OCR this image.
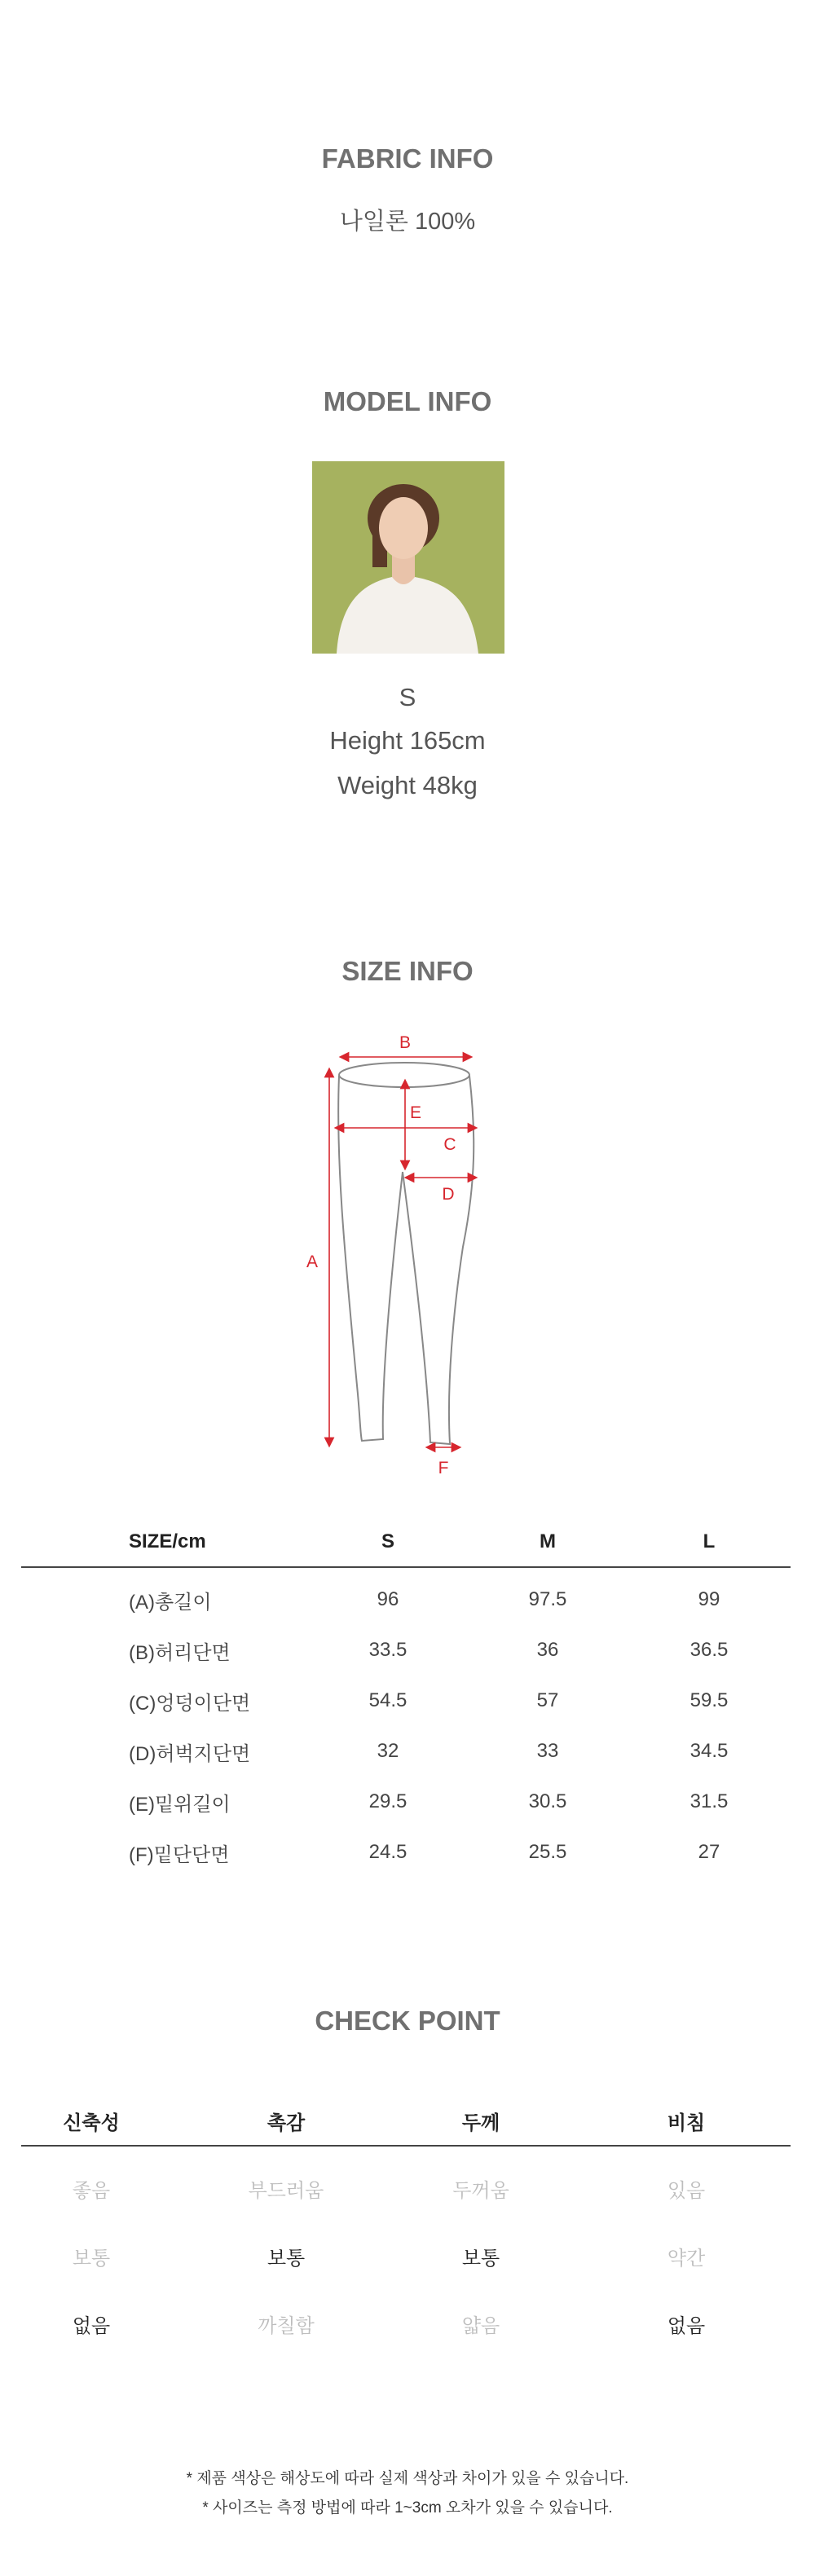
FABRIC INFO
나일론 100%
MODEL INFO
S
Height 165cm
Weight 48kg
SIZE INFO
B
E
C
D
A
F
SIZE/cm	S	M	L

(A)총길이	96	97.5	99
(B)허리단면	33.5	36	36.5
(C)엉덩이단면	54.5	57	59.5
(D)허벅지단면	32	33	34.5
(E)밑위길이	29.5	30.5	31.5
(F)밑단단면	24.5	25.5	27
CHECK POINT
신축성	촉감	두께	비침

좋음	부드러움	두꺼움	있음
보통	보통	보통	약간
없음	까칠함	얇음	없음
* 제품 색상은 해상도에 따라 실제 색상과 차이가 있을 수 있습니다.
* 사이즈는 측정 방법에 따라 1~3cm 오차가 있을 수 있습니다.
